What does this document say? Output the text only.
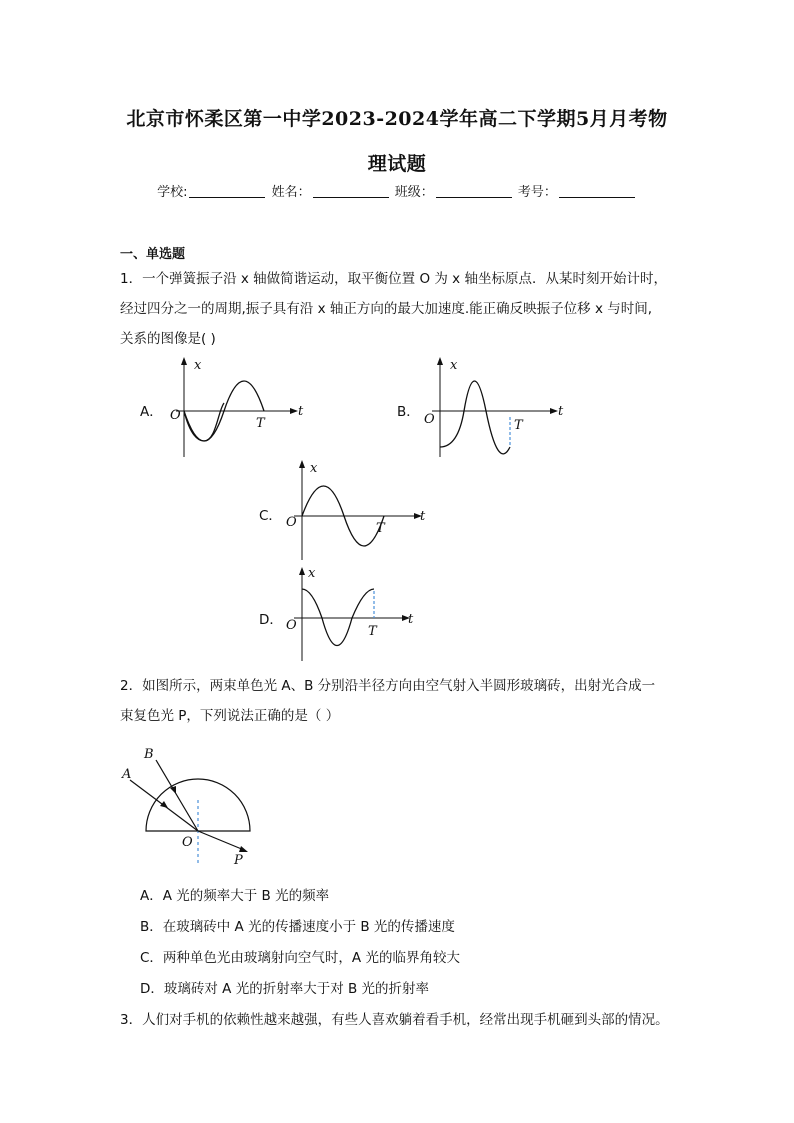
北京市怀柔区第一中学2023-2024学年高二下学期5月月考物
理试题
学校:	姓名：	班级：	考号：
一、单选题
1．一个弹簧振子沿 x 轴做简谐运动，取平衡位置 O 为 x 轴坐标原点．从某时刻开始计时，
经过四分之一的周期,振子具有沿 x 轴正方向的最大加速度.能正确反映振子位移 x 与时间,
关系的图像是( )
A．
x
O	t
T
B．
x
O
t
T
C．
x
O	t
T
D．
x
O	t
T
2．如图所示，两束单色光 A、B 分别沿半径方向由空气射入半圆形玻璃砖，出射光合成一
束复色光 P，下列说法正确的是（ ）
B
A
O
P
A．A 光的频率大于 B 光的频率
B．在玻璃砖中 A 光的传播速度小于 B 光的传播速度
C．两种单色光由玻璃射向空气时，A 光的临界角较大
D．玻璃砖对 A 光的折射率大于对 B 光的折射率
3．人们对手机的依赖性越来越强，有些人喜欢躺着看手机，经常出现手机砸到头部的情况。
